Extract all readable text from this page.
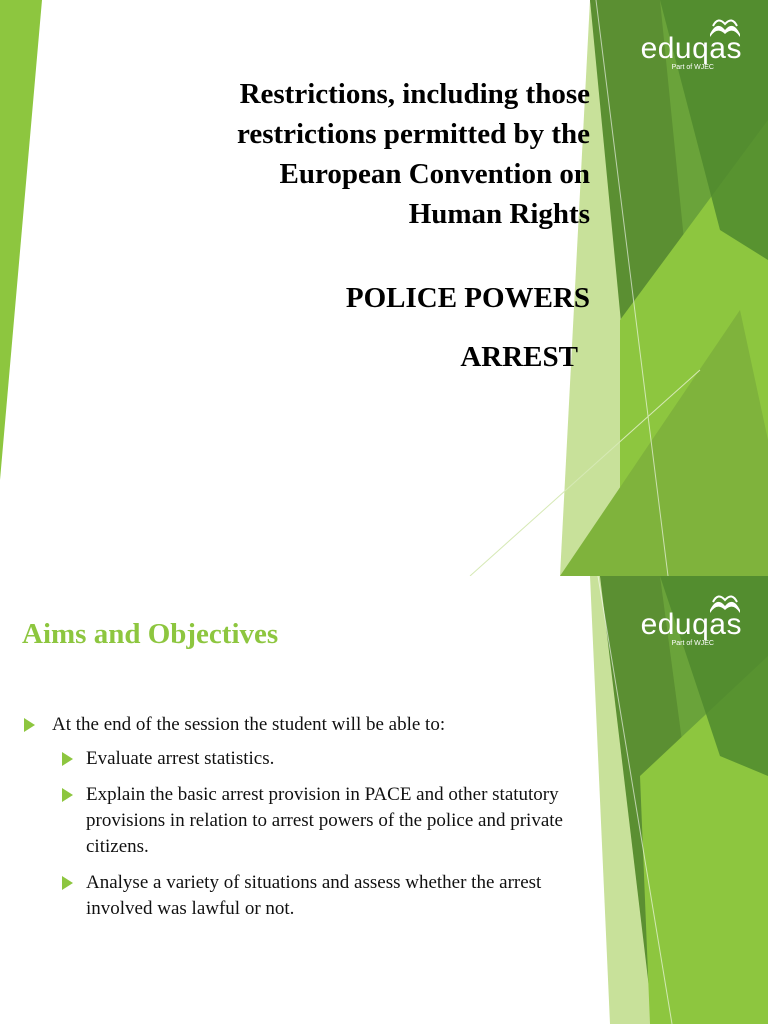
eduqas
Part of WJEC
Restrictions, including those
restrictions permitted by the
European Convention on
Human Rights
POLICE POWERS
ARREST
eduqas
Part of WJEC
Aims and Objectives
At the end of the session the student will be able to:
Evaluate arrest statistics.
Explain the basic arrest provision in PACE and other statutory provisions in relation to arrest powers of the police and private citizens.
Analyse a variety of situations and assess whether the arrest involved was lawful or not.
